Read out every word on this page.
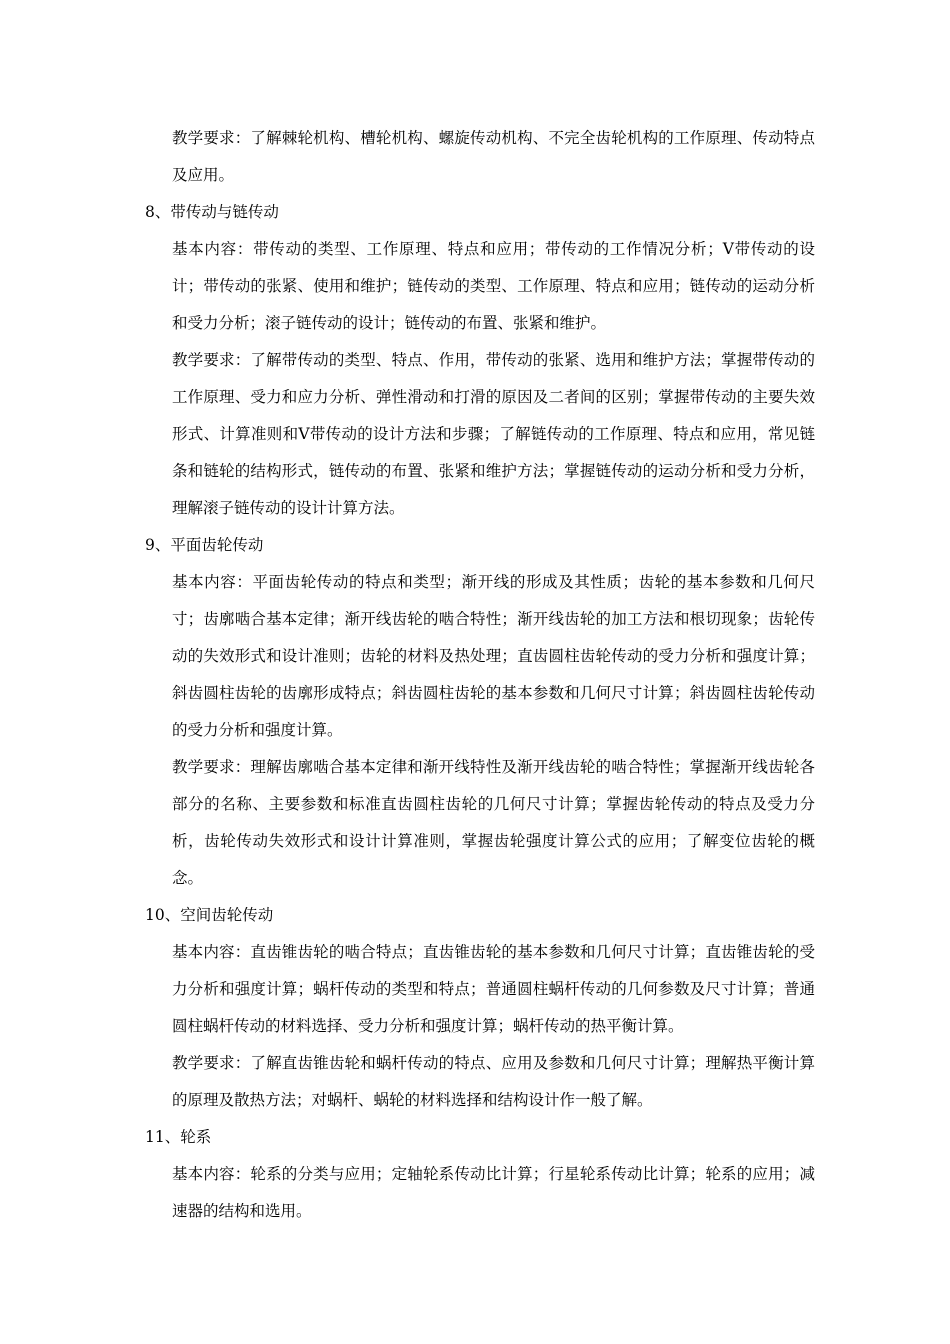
教学要求：了解棘轮机构、槽轮机构、螺旋传动机构、不完全齿轮机构的工作原理、传动特点及应用。

8、带传动与链传动

基本内容：带传动的类型、工作原理、特点和应用；带传动的工作情况分析；V带传动的设计；带传动的张紧、使用和维护；链传动的类型、工作原理、特点和应用；链传动的运动分析和受力分析；滚子链传动的设计；链传动的布置、张紧和维护。

教学要求：了解带传动的类型、特点、作用，带传动的张紧、选用和维护方法；掌握带传动的工作原理、受力和应力分析、弹性滑动和打滑的原因及二者间的区别；掌握带传动的主要失效形式、计算准则和V带传动的设计方法和步骤；了解链传动的工作原理、特点和应用，常见链条和链轮的结构形式，链传动的布置、张紧和维护方法；掌握链传动的运动分析和受力分析，理解滚子链传动的设计计算方法。

9、平面齿轮传动

基本内容：平面齿轮传动的特点和类型；渐开线的形成及其性质；齿轮的基本参数和几何尺寸；齿廓啮合基本定律；渐开线齿轮的啮合特性；渐开线齿轮的加工方法和根切现象；齿轮传动的失效形式和设计准则；齿轮的材料及热处理；直齿圆柱齿轮传动的受力分析和强度计算；斜齿圆柱齿轮的齿廓形成特点；斜齿圆柱齿轮的基本参数和几何尺寸计算；斜齿圆柱齿轮传动的受力分析和强度计算。

教学要求：理解齿廓啮合基本定律和渐开线特性及渐开线齿轮的啮合特性；掌握渐开线齿轮各部分的名称、主要参数和标准直齿圆柱齿轮的几何尺寸计算；掌握齿轮传动的特点及受力分析，齿轮传动失效形式和设计计算准则，掌握齿轮强度计算公式的应用；了解变位齿轮的概念。

10、空间齿轮传动

基本内容：直齿锥齿轮的啮合特点；直齿锥齿轮的基本参数和几何尺寸计算；直齿锥齿轮的受力分析和强度计算；蜗杆传动的类型和特点；普通圆柱蜗杆传动的几何参数及尺寸计算；普通圆柱蜗杆传动的材料选择、受力分析和强度计算；蜗杆传动的热平衡计算。

教学要求：了解直齿锥齿轮和蜗杆传动的特点、应用及参数和几何尺寸计算；理解热平衡计算的原理及散热方法；对蜗杆、蜗轮的材料选择和结构设计作一般了解。

11、轮系

基本内容：轮系的分类与应用；定轴轮系传动比计算；行星轮系传动比计算；轮系的应用；减速器的结构和选用。
